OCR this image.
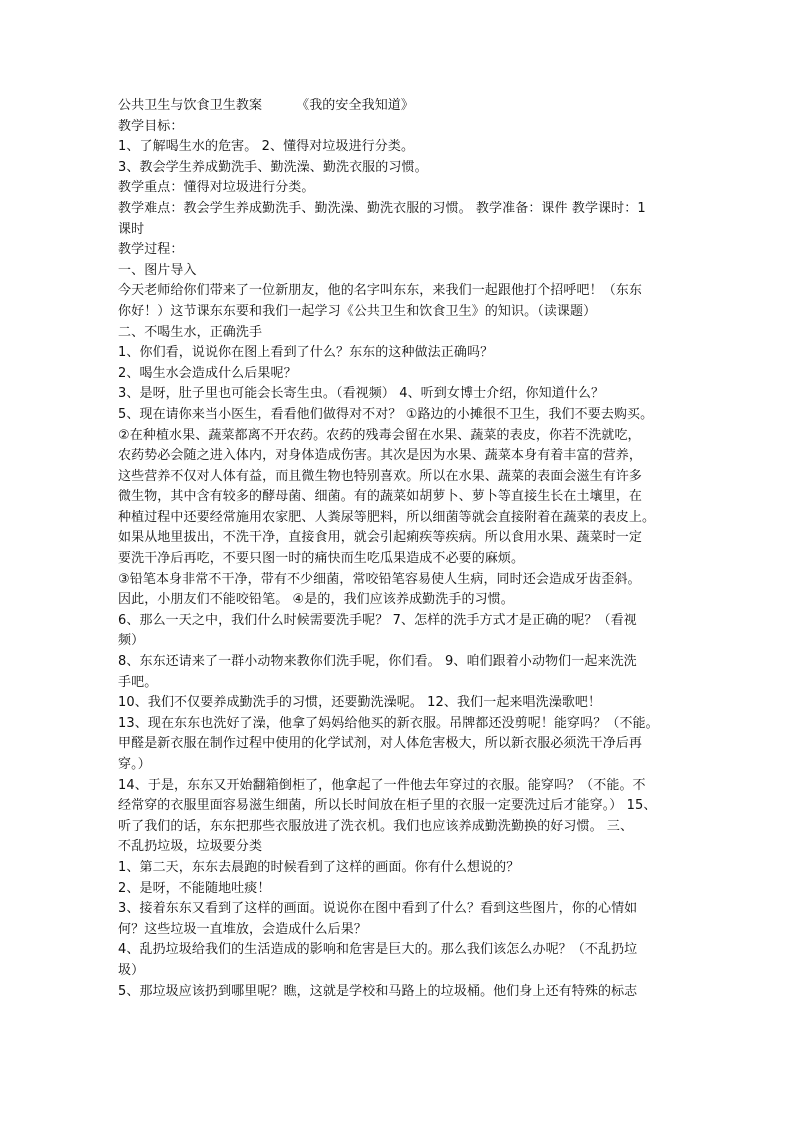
公共卫生与饮食卫生教案	《我的安全我知道》
教学目标：
1、了解喝生水的危害。 2、懂得对垃圾进行分类。
3、教会学生养成勤洗手、勤洗澡、勤洗衣服的习惯。
教学重点：懂得对垃圾进行分类。
教学难点：教会学生养成勤洗手、勤洗澡、勤洗衣服的习惯。 教学准备：课件 教学课时：1
课时
教学过程：
一、图片导入
今天老师给你们带来了一位新朋友，他的名字叫东东，来我们一起跟他打个招呼吧！（东东
你好！）这节课东东要和我们一起学习《公共卫生和饮食卫生》的知识。（读课题）
二、不喝生水，正确洗手
1、你们看，说说你在图上看到了什么？东东的这种做法正确吗？
2、喝生水会造成什么后果呢？
3、是呀，肚子里也可能会长寄生虫。（看视频） 4、听到女博士介绍，你知道什么？
5、现在请你来当小医生，看看他们做得对不对？ ①路边的小摊很不卫生，我们不要去购买。
②在种植水果、蔬菜都离不开农药。农药的残毒会留在水果、蔬菜的表皮，你若不洗就吃，
农药势必会随之进入体内，对身体造成伤害。其次是因为水果、蔬菜本身有着丰富的营养，
这些营养不仅对人体有益，而且微生物也特别喜欢。所以在水果、蔬菜的表面会滋生有许多
微生物，其中含有较多的酵母菌、细菌。有的蔬菜如胡萝卜、萝卜等直接生长在土壤里，在
种植过程中还要经常施用农家肥、人粪尿等肥料，所以细菌等就会直接附着在蔬菜的表皮上。
如果从地里拔出，不洗干净，直接食用，就会引起痢疾等疾病。所以食用水果、蔬菜时一定
要洗干净后再吃，不要只图一时的痛快而生吃瓜果造成不必要的麻烦。
③铅笔本身非常不干净，带有不少细菌，常咬铅笔容易使人生病，同时还会造成牙齿歪斜。
因此，小朋友们不能咬铅笔。 ④是的，我们应该养成勤洗手的习惯。
6、那么一天之中，我们什么时候需要洗手呢？ 7、怎样的洗手方式才是正确的呢？（看视
频）
8、东东还请来了一群小动物来教你们洗手呢，你们看。 9、咱们跟着小动物们一起来洗洗
手吧。
10、我们不仅要养成勤洗手的习惯，还要勤洗澡呢。 12、我们一起来唱洗澡歌吧！
13、现在东东也洗好了澡，他拿了妈妈给他买的新衣服。吊牌都还没剪呢！能穿吗？（不能。
甲醛是新衣服在制作过程中使用的化学试剂，对人体危害极大，所以新衣服必须洗干净后再
穿。）
14、于是，东东又开始翻箱倒柜了，他拿起了一件他去年穿过的衣服。能穿吗？（不能。不
经常穿的衣服里面容易滋生细菌，所以长时间放在柜子里的衣服一定要洗过后才能穿。） 15、
听了我们的话，东东把那些衣服放进了洗衣机。我们也应该养成勤洗勤换的好习惯。 三、
不乱扔垃圾，垃圾要分类
1、第二天，东东去晨跑的时候看到了这样的画面。你有什么想说的？
2、是呀，不能随地吐痰！
3、接着东东又看到了这样的画面。说说你在图中看到了什么？看到这些图片，你的心情如
何？这些垃圾一直堆放，会造成什么后果？
4、乱扔垃圾给我们的生活造成的影响和危害是巨大的。那么我们该怎么办呢？（不乱扔垃
圾）
5、那垃圾应该扔到哪里呢？瞧，这就是学校和马路上的垃圾桶。他们身上还有特殊的标志
